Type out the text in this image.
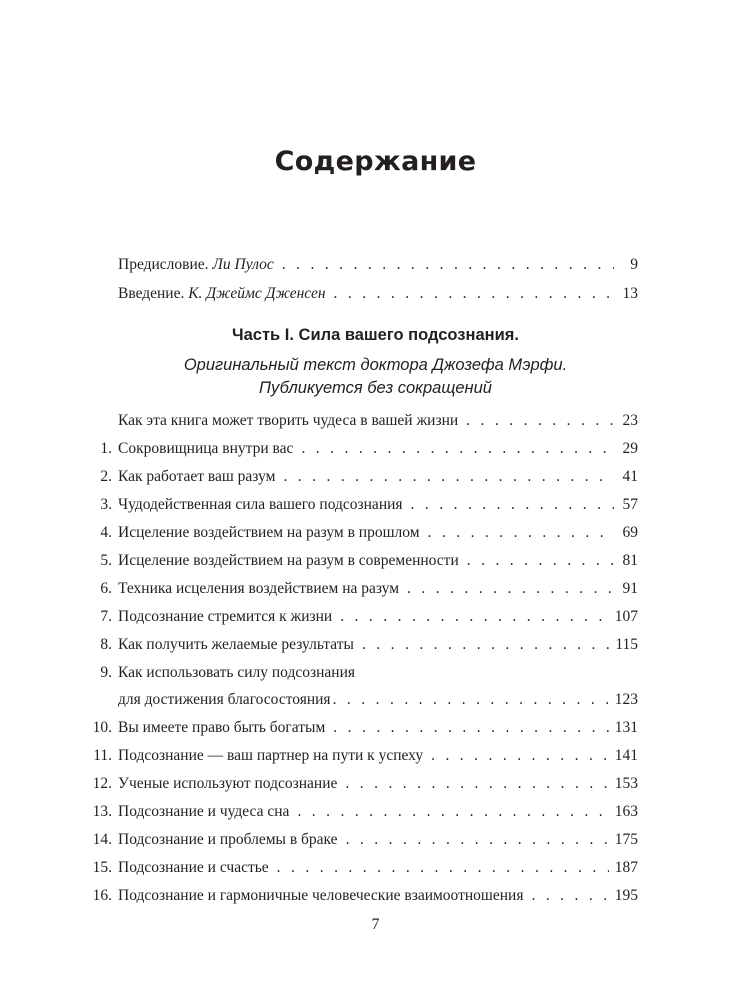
Содержание
Предисловие. Ли Пулос . . .	9
Введение. К. Джеймс Дженсен . . .	13
Часть I. Сила вашего подсознания.
Оригинальный текст доктора Джозефа Мэрфи.
Публикуется без сокращений
Как эта книга может творить чудеса в вашей жизни . . .	23
1. Сокровищница внутри вас . . .	29
2. Как работает ваш разум . . .	41
3. Чудодейственная сила вашего подсознания . . .	57
4. Исцеление воздействием на разум в прошлом . . .	69
5. Исцеление воздействием на разум в современности . . .	81
6. Техника исцеления воздействием на разум . . .	91
7. Подсознание стремится к жизни . . .	107
8. Как получить желаемые результаты . . .	115
9. Как использовать силу подсознания
для достижения благосостояния . . .	123
10. Вы имеете право быть богатым . . .	131
11. Подсознание — ваш партнер на пути к успеху . . .	141
12. Ученые используют подсознание . . .	153
13. Подсознание и чудеса сна . . .	163
14. Подсознание и проблемы в браке . . .	175
15. Подсознание и счастье . . .	187
16. Подсознание и гармоничные человеческие взаимоотношения . . .	195
7
